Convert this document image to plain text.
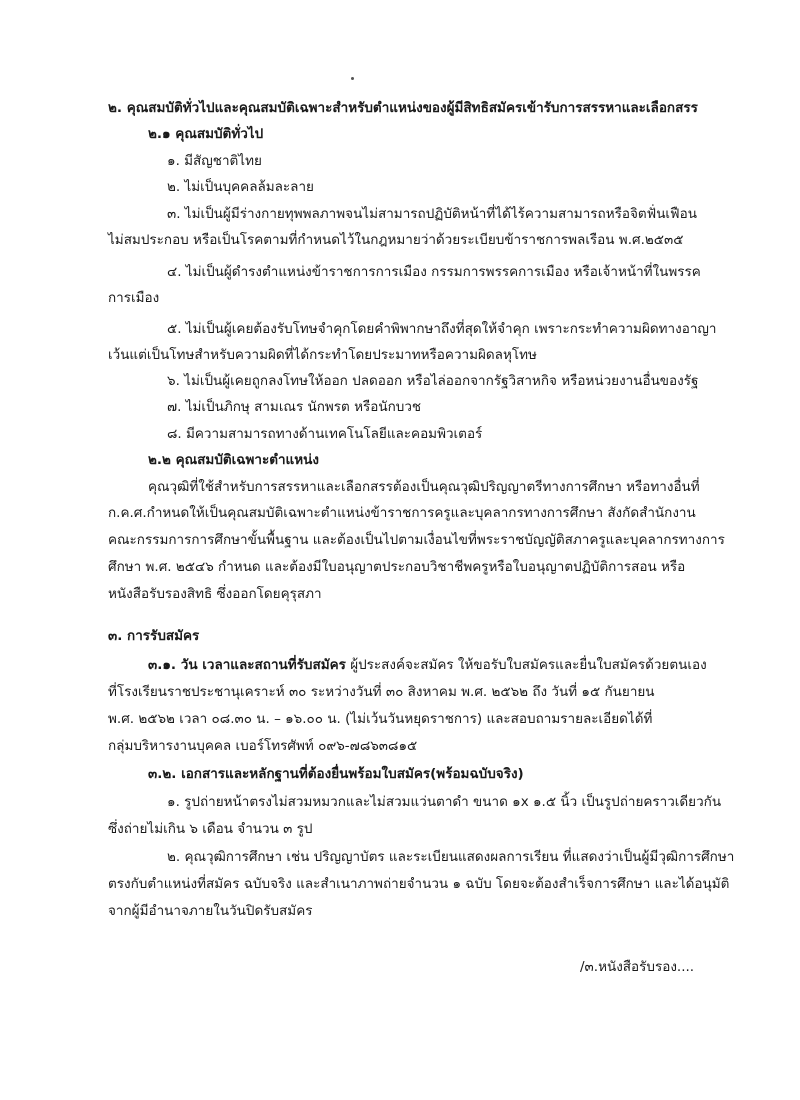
๒. คุณสมบัติทั่วไปและคุณสมบัติเฉพาะสำหรับตำแหน่งของผู้มีสิทธิสมัครเข้ารับการสรรหาและเลือกสรร
๒.๑ คุณสมบัติทั่วไป
๑. มีสัญชาติไทย
๒. ไม่เป็นบุคคลล้มละลาย
๓. ไม่เป็นผู้มีร่างกายทุพพลภาพจนไม่สามารถปฏิบัติหน้าที่ได้ไร้ความสามารถหรือจิตฟั่นเฟือน
ไม่สมประกอบ หรือเป็นโรคตามที่กำหนดไว้ในกฎหมายว่าด้วยระเบียบข้าราชการพลเรือน พ.ศ.๒๕๓๕
๔. ไม่เป็นผู้ดำรงตำแหน่งข้าราชการการเมือง กรรมการพรรคการเมือง หรือเจ้าหน้าที่ในพรรค
การเมือง
๕. ไม่เป็นผู้เคยต้องรับโทษจำคุกโดยคำพิพากษาถึงที่สุดให้จำคุก เพราะกระทำความผิดทางอาญา
เว้นแต่เป็นโทษสำหรับความผิดที่ได้กระทำโดยประมาทหรือความผิดลหุโทษ
๖. ไม่เป็นผู้เคยถูกลงโทษให้ออก ปลดออก หรือไล่ออกจากรัฐวิสาหกิจ หรือหน่วยงานอื่นของรัฐ
๗. ไม่เป็นภิกษุ สามเณร นักพรต หรือนักบวช
๘. มีความสามารถทางด้านเทคโนโลยีและคอมพิวเตอร์
๒.๒ คุณสมบัติเฉพาะตำแหน่ง
คุณวุฒิที่ใช้สำหรับการสรรหาและเลือกสรรต้องเป็นคุณวุฒิปริญญาตรีทางการศึกษา หรือทางอื่นที่
ก.ค.ศ.กำหนดให้เป็นคุณสมบัติเฉพาะตำแหน่งข้าราชการครูและบุคลากรทางการศึกษา สังกัดสำนักงาน
คณะกรรมการการศึกษาขั้นพื้นฐาน และต้องเป็นไปตามเงื่อนไขที่พระราชบัญญัติสภาครูและบุคลากรทางการ
ศึกษา พ.ศ. ๒๕๔๖ กำหนด และต้องมีใบอนุญาตประกอบวิชาชีพครูหรือใบอนุญาตปฏิบัติการสอน หรือ
หนังสือรับรองสิทธิ ซึ่งออกโดยคุรุสภา
๓. การรับสมัคร
๓.๑. วัน เวลาและสถานที่รับสมัคร ผู้ประสงค์จะสมัคร ให้ขอรับใบสมัครและยื่นใบสมัครด้วยตนเอง
ที่โรงเรียนราชประชานุเคราะห์ ๓๐ ระหว่างวันที่ ๓๐ สิงหาคม พ.ศ. ๒๕๖๒ ถึง วันที่ ๑๕ กันยายน
พ.ศ. ๒๕๖๒ เวลา ๐๘.๓๐ น. – ๑๖.๐๐ น. (ไม่เว้นวันหยุดราชการ) และสอบถามรายละเอียดได้ที่
กลุ่มบริหารงานบุคคล เบอร์โทรศัพท์ ๐๙๖-๗๘๖๓๘๑๕
๓.๒. เอกสารและหลักฐานที่ต้องยื่นพร้อมใบสมัคร(พร้อมฉบับจริง)
๑. รูปถ่ายหน้าตรงไม่สวมหมวกและไม่สวมแว่นตาดำ ขนาด ๑x ๑.๕ นิ้ว เป็นรูปถ่ายคราวเดียวกัน
ซึ่งถ่ายไม่เกิน ๖ เดือน จำนวน ๓ รูป
๒. คุณวุฒิการศึกษา เช่น ปริญญาบัตร และระเบียนแสดงผลการเรียน ที่แสดงว่าเป็นผู้มีวุฒิการศึกษา
ตรงกับตำแหน่งที่สมัคร ฉบับจริง และสำเนาภาพถ่ายจำนวน ๑ ฉบับ โดยจะต้องสำเร็จการศึกษา และได้อนุมัติ
จากผู้มีอำนาจภายในวันปิดรับสมัคร
/๓.หนังสือรับรอง....
